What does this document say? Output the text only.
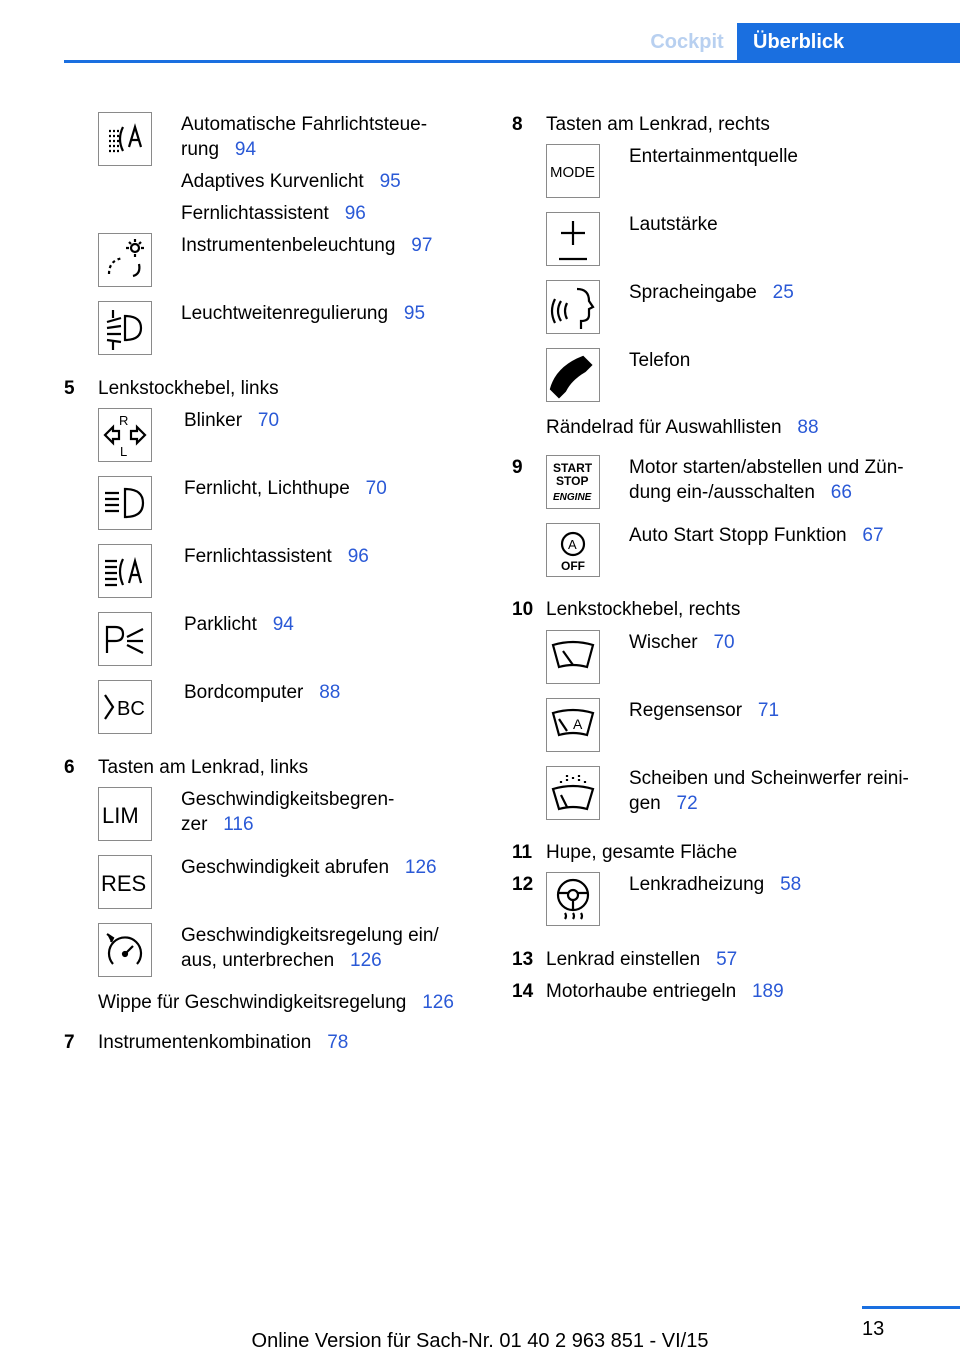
Cockpit	Überblick
Automatische Fahrlichtsteue-
rung 94
Adaptives Kurvenlicht 95
Fernlichtassistent 96
Instrumentenbeleuchtung 97
Leuchtweitenregulierung 95
5 Lenkstockhebel, links
R
L
Blinker 70
Fernlicht, Lichthupe 70
Fernlichtassistent 96
Parklicht 94
BC
Bordcomputer 88
6 Tasten am Lenkrad, links
LIM
Geschwindigkeitsbegren-
zer 116
RES
Geschwindigkeit abrufen 126
Geschwindigkeitsregelung ein/
aus, unterbrechen 126
Wippe für Geschwindigkeitsregelung 126
7 Instrumentenkombination 78
8 Tasten am Lenkrad, rechts
MODE
Entertainmentquelle
Lautstärke
Spracheingabe 25
Telefon
Rändelrad für Auswahllisten 88
9	START
STOP
ENGINE
Motor starten/abstellen und Zün-
dung ein-/ausschalten 66
A
OFF
Auto Start Stopp Funktion 67
10 Lenkstockhebel, rechts
Wischer 70
A
Regensensor 71
Scheiben und Scheinwerfer reini-
gen 72
11 Hupe, gesamte Fläche
12	Lenkradheizung 58
13 Lenkrad einstellen 57
14 Motorhaube entriegeln 189
13
Online Version für Sach-Nr. 01 40 2 963 851 - VI/15
